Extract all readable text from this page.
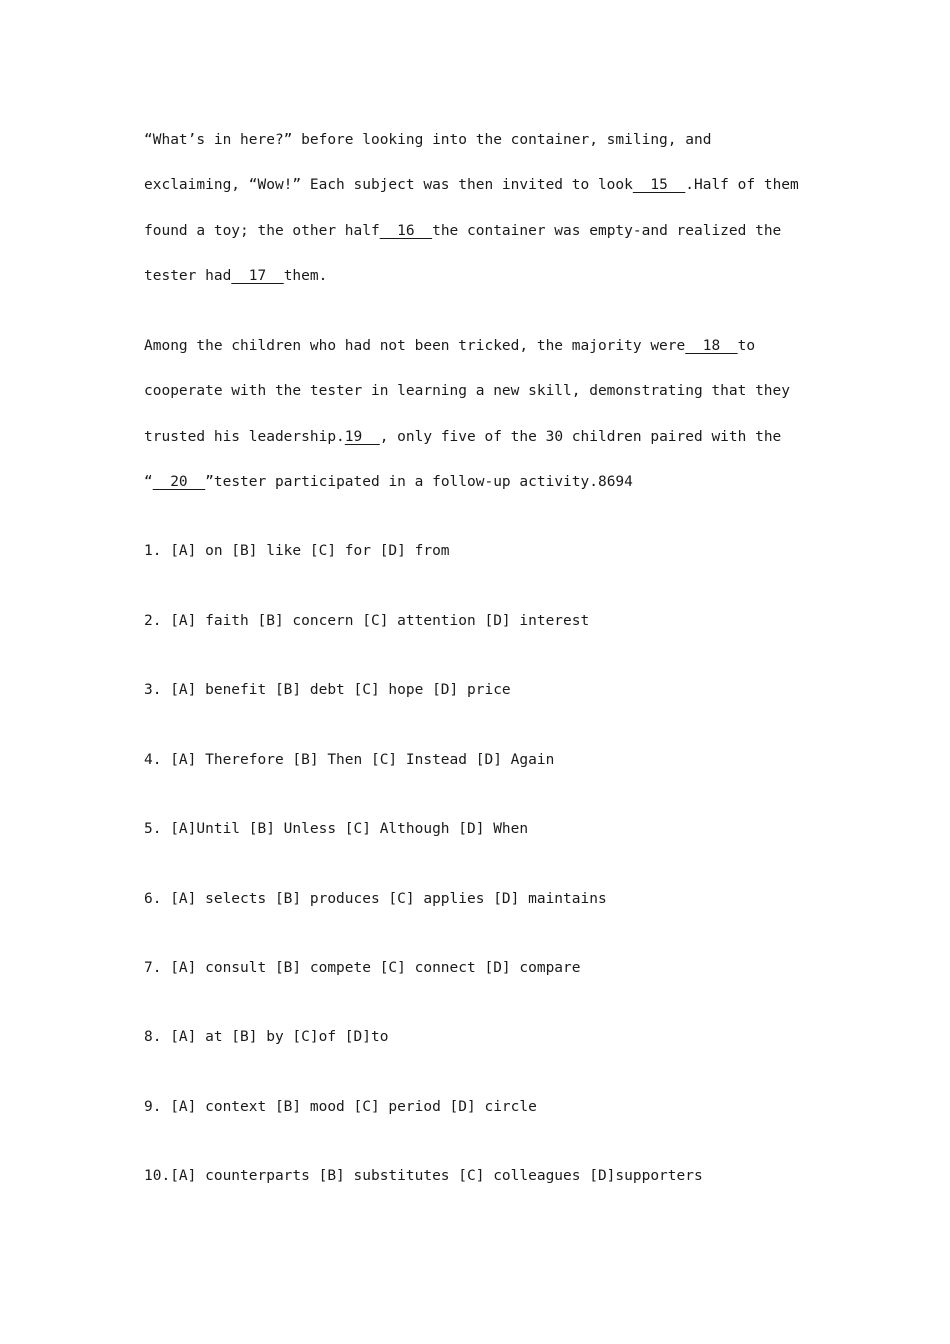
“What’s in here?” before looking into the container, smiling, and
exclaiming, “Wow!” Each subject was then invited to look__15__.Half of them
found a toy; the other half__16__the container was empty-and realized the
tester had__17__them.
Among the children who had not been tricked, the majority were__18__to
cooperate with the tester in learning a new skill, demonstrating that they
trusted his leadership.19__, only five of the 30 children paired with the
“__20__”tester participated in a follow-up activity.8694
1. [A] on [B] like [C] for [D] from
2. [A] faith [B] concern [C] attention [D] interest
3. [A] benefit [B] debt [C] hope [D] price
4. [A] Therefore [B] Then [C] Instead [D] Again
5. [A]Until [B] Unless [C] Although [D] When
6. [A] selects [B] produces [C] applies [D] maintains
7. [A] consult [B] compete [C] connect [D] compare
8. [A] at [B] by [C]of [D]to
9. [A] context [B] mood [C] period [D] circle
10.[A] counterparts [B] substitutes [C] colleagues [D]supporters
